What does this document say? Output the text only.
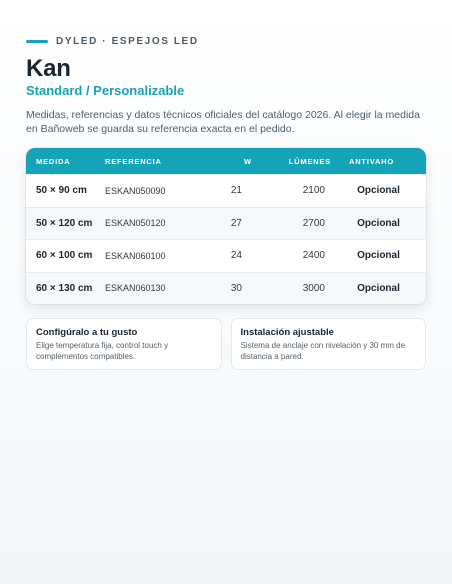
DYLED · ESPEJOS LED
Kan
Standard / Personalizable

Medidas, referencias y datos técnicos oficiales del catálogo 2026. Al elegir la medida en Bañoweb se guarda su referencia exacta en el pedido.

MEDIDA	REFERENCIA	W	LÚMENES	ANTIVAHO
50 × 90 cm	ESKAN050090	21	2100	Opcional
50 × 120 cm	ESKAN050120	27	2700	Opcional
60 × 100 cm	ESKAN060100	24	2400	Opcional
60 × 130 cm	ESKAN060130	30	3000	Opcional
Configúralo a tu gusto
Elige temperatura fija, control touch y complementos compatibles.
Instalación ajustable
Sistema de anclaje con nivelación y 30 mm de distancia a pared.
